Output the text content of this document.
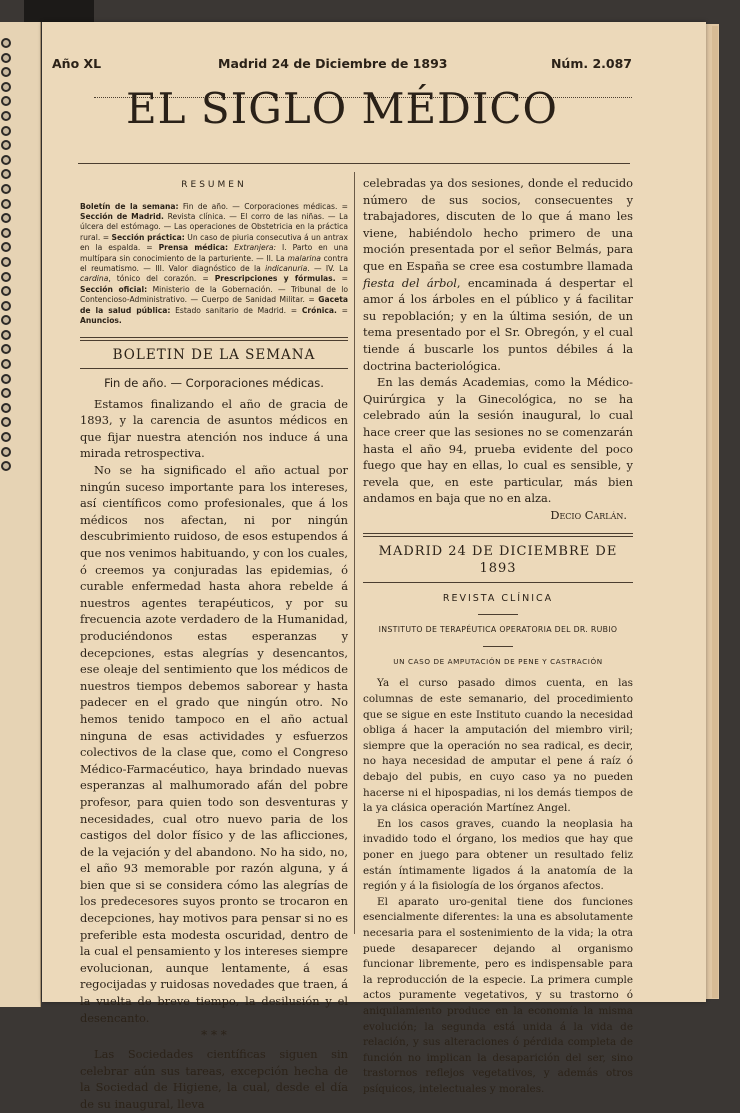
Año XL	Madrid 24 de Diciembre de 1893	Núm. 2.087
EL SIGLO MÉDICO
RESUMEN
Boletín de la semana: Fin de año. — Corporaciones médicas. = Sección de Madrid. Revista clínica. — El corro de las niñas. — La úlcera del estómago. — Las operaciones de Obstetricia en la práctica rural. = Sección práctica: Un caso de piuria consecutiva á un antrax en la espalda. = Prensa médica: Extranjera: I. Parto en una multípara sin conocimiento de la parturiente. — II. La malarina contra el reumatismo. — III. Valor diagnóstico de la indicanuria. — IV. La cardina, tónico del corazón. = Prescripciones y fórmulas. = Sección oficial: Ministerio de la Gobernación. — Tribunal de lo Contencioso-Administrativo. — Cuerpo de Sanidad Militar. = Gaceta de la salud pública: Estado sanitario de Madrid. = Crónica. = Anuncios.
BOLETIN DE LA SEMANA
Fin de año. — Corporaciones médicas.

Estamos finalizando el año de gracia de 1893, y la carencia de asuntos médicos en que fijar nuestra atención nos induce á una mirada retrospectiva.

No se ha significado el año actual por ningún suceso importante para los intereses, así científicos como profesionales, que á los médicos nos afectan, ni por ningún descubrimiento ruidoso, de esos estupendos á que nos venimos habituando, y con los cuales, ó creemos ya conjuradas las epidemias, ó curable enfermedad hasta ahora rebelde á nuestros agentes terapéuticos, y por su frecuencia azote verdadero de la Humanidad, produciéndonos estas esperanzas y decepciones, estas alegrías y desencantos, ese oleaje del sentimiento que los médicos de nuestros tiempos debemos saborear y hasta padecer en el grado que ningún otro. No hemos tenido tampoco en el año actual ninguna de esas actividades y esfuerzos colectivos de la clase que, como el Congreso Médico-Farmacéutico, haya brindado nuevas esperanzas al malhumorado afán del pobre profesor, para quien todo son desventuras y necesidades, cual otro nuevo paria de los castigos del dolor físico y de las aflicciones, de la vejación y del abandono. No ha sido, no, el año 93 memorable por razón alguna, y á bien que si se considera cómo las alegrías de los predecesores suyos pronto se trocaron en decepciones, hay motivos para pensar si no es preferible esta modesta oscuridad, dentro de la cual el pensamiento y los intereses siempre evolucionan, aunque lentamente, á esas regocijadas y ruidosas novedades que traen, á la vuelta de breve tiempo, la desilusión y el desencanto.

* * *

Las Sociedades científicas siguen sin celebrar aún sus tareas, excepción hecha de la Sociedad de Higiene, la cual, desde el día de su inaugural, lleva

celebradas ya dos sesiones, donde el reducido número de sus socios, consecuentes y trabajadores, discuten de lo que á mano les viene, habiéndolo hecho primero de una moción presentada por el señor Belmás, para que en España se cree esa costumbre llamada fiesta del árbol, encaminada á despertar el amor á los árboles en el público y á facilitar su repoblación; y en la última sesión, de un tema presentado por el Sr. Obregón, y el cual tiende á buscarle los puntos débiles á la doctrina bacteriológica.

En las demás Academias, como la Médico-Quirúrgica y la Ginecológica, no se ha celebrado aún la sesión inaugural, lo cual hace creer que las sesiones no se comenzarán hasta el año 94, prueba evidente del poco fuego que hay en ellas, lo cual es sensible, y revela que, en este particular, más bien andamos en baja que no en alza.

Decio Carlán.
MADRID 24 DE DICIEMBRE DE 1893
REVISTA CLÍNICA
INSTITUTO DE TERAPÉUTICA OPERATORIA DEL DR. RUBIO
UN CASO DE AMPUTACIÓN DE PENE Y CASTRACIÓN

Ya el curso pasado dimos cuenta, en las columnas de este semanario, del procedimiento que se sigue en este Instituto cuando la necesidad obliga á hacer la amputación del miembro viril; siempre que la operación no sea radical, es decir, no haya necesidad de amputar el pene á raíz ó debajo del pubis, en cuyo caso ya no pueden hacerse ni el hipospadias, ni los demás tiempos de la ya clásica operación Martínez Angel.

En los casos graves, cuando la neoplasia ha invadido todo el órgano, los medios que hay que poner en juego para obtener un resultado feliz están íntimamente ligados á la anatomía de la región y á la fisiología de los órganos afectos.

El aparato uro-genital tiene dos funciones esencialmente diferentes: la una es absolutamente necesaria para el sostenimiento de la vida; la otra puede desaparecer dejando al organismo funcionar libremente, pero es indispensable para la reproducción de la especie. La primera cumple actos puramente vegetativos, y su trastorno ó aniquilamiento produce en la economía la misma evolución; la segunda está unida á la vida de relación, y sus alteraciones ó pérdida completa de función no implican la desaparición del ser, sino trastornos reflejos vegetativos, y además otros psíquicos, intelectuales y morales.
